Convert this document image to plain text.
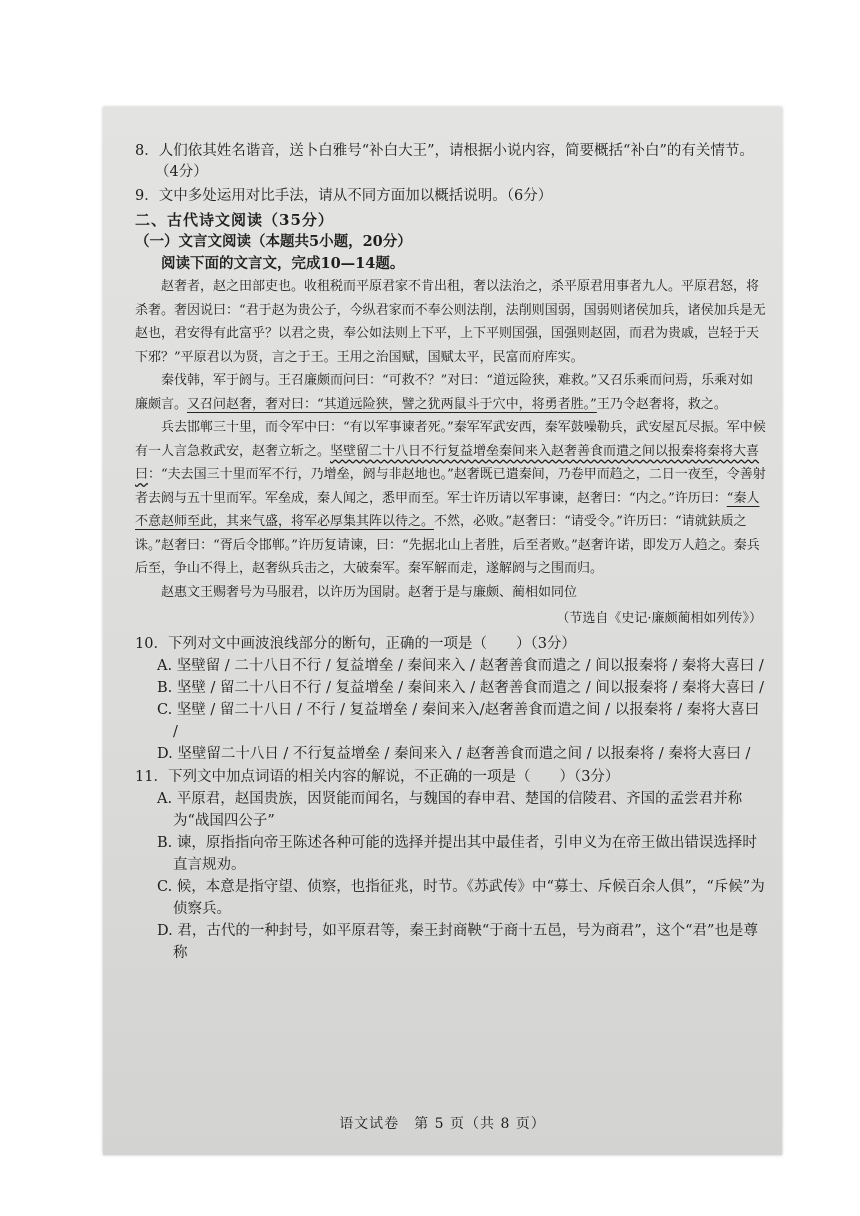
8．人们依其姓名谐音，送卜白雅号“补白大王”，请根据小说内容，简要概括“补白”的有关情节。（4分）

9．文中多处运用对比手法，请从不同方面加以概括说明。（6分）

二、古代诗文阅读（35分）

（一）文言文阅读（本题共5小题，20分）

阅读下面的文言文，完成10—14题。

赵奢者，赵之田部吏也。收租税而平原君家不肯出租，奢以法治之，杀平原君用事者九人。平原君怒，将杀奢。奢因说曰：“君于赵为贵公子，今纵君家而不奉公则法削，法削则国弱，国弱则诸侯加兵，诸侯加兵是无赵也，君安得有此富乎？以君之贵，奉公如法则上下平，上下平则国强，国强则赵固，而君为贵戚，岂轻于天下邪？”平原君以为贤，言之于王。王用之治国赋，国赋太平，民富而府库实。

秦伐韩，军于阏与。王召廉颇而问曰：“可救不？”对曰：“道远险狭，难救。”又召乐乘而问焉，乐乘对如廉颇言。又召问赵奢，奢对曰：“其道远险狭，譬之犹两鼠斗于穴中，将勇者胜。”王乃令赵奢将，救之。

兵去邯郸三十里，而令军中曰：“有以军事谏者死。”秦军军武安西，秦军鼓噪勒兵，武安屋瓦尽振。军中候有一人言急救武安，赵奢立斩之。坚壁留二十八日不行复益增垒秦间来入赵奢善食而遣之间以报秦将秦将大喜曰：“夫去国三十里而军不行，乃增垒，阏与非赵地也。”赵奢既已遣秦间，乃卷甲而趋之，二日一夜至，令善射者去阏与五十里而军。军垒成，秦人闻之，悉甲而至。军士许历请以军事谏，赵奢曰：“内之。”许历曰：“秦人不意赵师至此，其来气盛，将军必厚集其阵以待之。不然，必败。”赵奢曰：“请受令。”许历曰：“请就鈇质之诛。”赵奢曰：“胥后令邯郸。”许历复请谏，曰：“先据北山上者胜，后至者败。”赵奢许诺，即发万人趋之。秦兵后至，争山不得上，赵奢纵兵击之，大破秦军。秦军解而走，遂解阏与之围而归。

赵惠文王赐奢号为马服君，以许历为国尉。赵奢于是与廉颇、蔺相如同位

（节选自《史记·廉颇蔺相如列传》）

10．下列对文中画波浪线部分的断句，正确的一项是（　　）（3分）

A. 坚壁留 / 二十八日不行 / 复益增垒 / 秦间来入 / 赵奢善食而遣之 / 间以报秦将 / 秦将大喜曰 /

B. 坚壁 / 留二十八日不行 / 复益增垒 / 秦间来入 / 赵奢善食而遣之 / 间以报秦将 / 秦将大喜曰 /

C. 坚壁 / 留二十八日 / 不行 / 复益增垒 / 秦间来入/赵奢善食而遣之间 / 以报秦将 / 秦将大喜曰 /

D. 坚壁留二十八日 / 不行复益增垒 / 秦间来入 / 赵奢善食而遣之间 / 以报秦将 / 秦将大喜曰 /

11．下列文中加点词语的相关内容的解说，不正确的一项是（　　）（3分）

A. 平原君，赵国贵族，因贤能而闻名，与魏国的春申君、楚国的信陵君、齐国的孟尝君并称为“战国四公子”

B. 谏，原指指向帝王陈述各种可能的选择并提出其中最佳者，引申义为在帝王做出错误选择时直言规劝。

C. 候，本意是指守望、侦察，也指征兆，时节。《苏武传》中“募士、斥候百余人俱”，“斥候”为侦察兵。

D. 君，古代的一种封号，如平原君等，秦王封商鞅“于商十五邑，号为商君”，这个“君”也是尊称

语文试卷　第 5 页（共 8 页）
